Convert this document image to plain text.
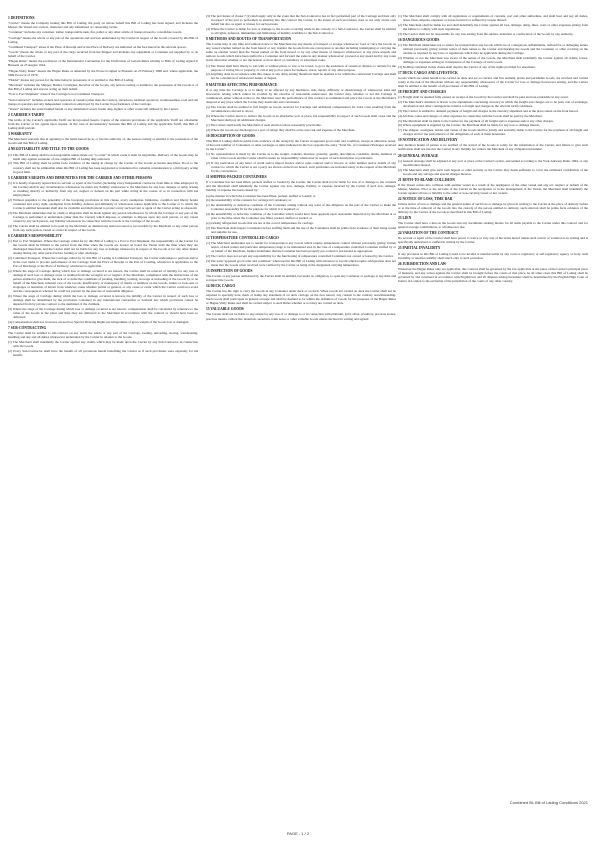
1 DEFINITIONS
"Carrier" means the Company issuing this Bill of Lading, the party on whose behalf this Bill of Lading has been signed, and includes the Master, the Vessel, her owners, charterers and any substituted or connecting carrier.
"Container" includes any container, trailer, transportable tank, flat, pallet or any other article of transport used to consolidate Goods.
"Carriage" means the whole or any part of the operations and services undertaken by the Carrier in respect of the Goods covered by this Bill of Lading.
"Combined Transport" arises if the Place of Receipt and/or the Place of Delivery are indicated on the face hereof in the relevant spaces.
"Goods" means the whole or any part of the cargo received from the Shipper and includes any equipment or Container not supplied by or on behalf of the Carrier.
"Hague Rules" means the provisions of the International Convention for the Unification of Certain Rules relating to Bills of Lading signed at Brussels on 25 August 1924.
"Hague-Visby Rules" means the Hague Rules as amended by the Protocol signed at Brussels on 23 February 1968 and, where applicable, the SDR Protocol of 1979.
"Holder" means any person for the time being in possession of or entitled to this Bill of Lading.
"Merchant" includes the Shipper, Holder, Consignee, Receiver of the Goods, any person owning or entitled to the possession of the Goods or of this Bill of Lading and anyone acting on their behalf.
"Port to Port Shipment" arises if the Carriage is not Combined Transport.
"Sub-Contractor" includes owners and operators of vessels (other than the Carrier), stevedores, terminal operators, warehousemen, road and rail transport operators and any independent contractors employed by the Carrier in performance of the Carriage.
"Vessel" includes the vessel named herein or any substituted vessel, feeder ship, lighter or other watercraft utilised by the Carrier.
2 CARRIER'S TARIFF
The terms of the Carrier's applicable Tariff are incorporated herein. Copies of the relevant provisions of the applicable Tariff are obtainable from the Carrier or his agents upon request. In the case of inconsistency between this Bill of Lading and the applicable Tariff, this Bill of Lading shall prevail.
3 WARRANTY
The Merchant warrants that in agreeing to the terms hereof he is, or has the authority of, the person owning or entitled to the possession of the Goods and this Bill of Lading.
4 NEGOTIABILITY AND TITLE TO THE GOODS
(1) This Bill of Lading shall be non-negotiable unless made out "to order" in which event it shall be negotiable. Delivery of the Goods may be made only against surrender of one original Bill of Lading duly endorsed.
(2) This Bill of Lading shall be prima facie evidence of the taking in charge by the Carrier of the Goods as herein described. Proof to the contrary shall not be admissible when this Bill of Lading has been negotiated or transferred for valuable consideration to a third party acting in good faith.
5 CARRIER'S RIGHTS AND IMMUNITIES FOR THE CARRIER AND OTHER PERSONS
(1) It is hereby expressly agreed that no servant or agent of the Carrier (including every independent contractor from time to time employed by the Carrier) shall in any circumstances whatsoever be under any liability whatsoever to the Merchant for any loss, damage or delay arising or resulting directly or indirectly from any act, neglect or default on his part while acting in the course of or in connection with his employment.
(2) Without prejudice to the generality of the foregoing provisions in this clause, every exemption, limitation, condition and liberty herein contained and every right, exemption from liability, defence and immunity of whatsoever nature applicable to the Carrier or to which the Carrier is entitled hereunder shall also be available and shall extend to protect every such servant or agent of the Carrier acting as aforesaid.
(3) The Merchant undertakes that no claim or allegation shall be made against any person whomsoever by whom the Carriage or any part of the Carriage is performed or undertaken (other than the Carrier) which imposes or attempts to impose upon any such person, or any vessel owned by any such person, any liability whatsoever in connection with the Goods or the Carriage of the Goods.
(4) The Carrier shall be entitled to be paid by the Merchant on demand any sum recovered or recoverable by the Merchant or any other person from any such person, vessel or owner in respect of the Goods.
6 CARRIER'S RESPONSIBILITY
(1) Port to Port Shipment. Where the Carriage called for by this Bill of Lading is a Port to Port Shipment, the responsibility of the Carrier for the Goods shall be limited to the period from the time when the Goods are loaded on board the Vessel until the time when they are discharged therefrom, and the Carrier shall not be liable for any loss or damage whatsoever in respect of the Goods or for any other matter arising during any other period before loading or after discharge.
(2) Combined Transport. Where the Carriage called for by this Bill of Lading is Combined Transport, the Carrier undertakes to perform and/or in his own name to procure performance of the Carriage from the Place of Receipt or the Port of Loading, whichever is applicable, to the Port of Discharge or the Place of Delivery, whichever is applicable.
(a) Where the stage of Carriage during which loss or damage occurred is not known, the Carrier shall be relieved of liability for any loss or damage if such loss or damage arose or resulted from the wrongful act or neglect of the Merchant, compliance with the instructions of the person entitled to give them, the lack of or defective conditions of packing, handling, loading, stowage or unloading of the Goods by or on behalf of the Merchant, inherent vice of the Goods, insufficiency or inadequacy of marks or numbers on the Goods, strikes or lock-outs or stoppages or restraints of labour from whatever cause whether partial or general, or any cause or event which the Carrier could not avoid and the consequences whereof he could not prevent by the exercise of reasonable diligence.
(b) Where the stage of Carriage during which the loss or damage occurred is known, the liability of the Carrier in respect of such loss or damage shall be determined by the provisions contained in any international convention or national law which provisions cannot be departed from by private contract to the detriment of the claimant.
(3) Where the stage of the Carriage during which loss or damage occurred is not known, compensation shall be calculated by reference to the value of the Goods at the place and time they are delivered to the Merchant in accordance with the contract or should have been so delivered.
(4) Compensation shall not, however, exceed two Special Drawing Rights per kilogramme of gross weight of the Goods lost or damaged.
7 SUB-CONTRACTING
The Carrier shall be entitled to sub-contract on any terms the whole or any part of the Carriage, loading, unloading, storing, warehousing, handling and any and all duties whatsoever undertaken by the Carrier in relation to the Goods.
(1) The Merchant shall indemnify the Carrier against any claims which may be made upon the Carrier by any Sub-Contractor in connection with the Goods.
(2) Every Sub-Contractor shall have the benefit of all provisions herein benefiting the Carrier as if such provisions were expressly for his benefit.
(3) The provisions of clause 7 (2) shall apply only in the event that the Sub-Contractor has in fact performed part of the Carriage and then only in respect of the part so performed; in entering into this contract the Carrier, to the extent of such provisions, does so not only on his own behalf but also as agent or trustee for such persons.
(4) Where the Carrier is liable for loss or damage to the Goods occurring while in the custody of a Sub-Contractor, the Carrier shall be entitled to all rights, defences, immunities and limitations of liability available to the Sub-Contractor.
8 METHODS AND ROUTES OF TRANSPORTATION
The Carrier may at any time and without notice to the Merchant use any means of transport or storage whatsoever; load or carry the Goods on any vessel whether named on the front hereof or not; transfer the Goods from one conveyance to another including transhipping or carrying the same on another vessel than the Vessel named on the front hereof or by any other means of transport whatsoever; at any place unpack and remove Goods which have been stuffed in a Container and forward the same in any manner whatsoever; proceed at any speed and by any route in his discretion whether or not the nearest or most direct or customary or advertised route.
(1) The Vessel shall have liberty to sail with or without pilots, to tow or be towed, to go to the assistance of vessels in distress, to deviate for the purpose of saving life or property, to call at any port or place for bunkers, stores, repairs or any other purpose.
(2) Anything done in accordance with this clause or any delay arising therefrom shall be deemed to be within the contractual Carriage and shall not be a deviation of whatsoever nature or degree.
9 MATTERS AFFECTING PERFORMANCE
If at any time the Carriage is or is likely to be affected by any hindrance, risk, delay, difficulty or disadvantage of whatsoever kind and howsoever arising which cannot be avoided by the exercise of reasonable endeavours, the Carrier may, whether or not the Carriage is commenced, either without notice to the Merchant treat the performance of this contract as terminated and place the Goods at the Merchant's disposal at any place which the Carrier may deem safe and convenient.
(a) The Carrier shall be entitled to full freight on Goods received for Carriage and additional compensation for extra costs resulting from the circumstances referred to above.
(b) Where the Carrier elects to deliver the Goods at an alternative port or place, his responsibility in respect of such Goods shall cease and the Merchant shall pay all additional charges.
(c) The Carrier shall notify the Merchant of such election where reasonably practicable.
(d) Where the Goods are discharged at a port of refuge they shall be at the sole risk and expense of the Merchant.
10 DESCRIPTION OF GOODS
This Bill of Lading shall be prima facie evidence of the receipt by the Carrier in apparent good order and condition, except as otherwise noted, of the total number of Containers or other packages or units indicated in the box opposite the entry "Total No. of Containers/Packages received by the Carrier".
(1) No representation is made by the Carrier as to the weight, contents, measure, quantity, quality, description, condition, marks, numbers or value of the Goods and the Carrier shall be under no responsibility whatsoever in respect of such description or particulars.
(2) If any particulars of any letter of credit and/or import licence and/or sales contract and/or invoice or order number and/or details of any contract to which the Carrier is not a party are shown on the front hereof, such particulars are included solely at the request of the Merchant for his convenience.
11 SHIPPER-PACKED CONTAINERS
If a Container has not been filled, packed, stuffed or loaded by the Carrier, the Carrier shall not be liable for loss of or damage to the contents and the Merchant shall indemnify the Carrier against any loss, damage, liability or expense incurred by the Carrier if such loss, damage, liability or expense has been caused by:
(a) the manner in which the Container has been filled, packed, stuffed or loaded; or
(b) the unsuitability of the contents for carriage in Containers; or
(c) the unsuitability or defective condition of the Container arising without any want of due diligence on the part of the Carrier to make the Container reasonably fit for the purpose for which it is required; or
(d) the unsuitability or defective condition of the Container which would have been apparent upon reasonable inspection by the Merchant at or prior to the time when the Container was filled, packed, stuffed or loaded; or
(e) packing refrigerated Goods that are not at the correct temperature for carriage.
(2) The Merchant shall inspect Containers before stuffing them and the use of the Containers shall be prima facie evidence of their being sound and suitable for use.
12 TEMPERATURE CONTROLLED CARGO
(1) The Merchant undertakes not to tender for transportation any Goods which require temperature control without previously giving written notice of their nature and particular temperature range to be maintained and, in the case of a temperature controlled Container stuffed by or on behalf of the Merchant, further undertakes that the Container has been properly pre-cooled or pre-heated as appropriate.
(2) The Carrier does not accept any responsibility for the functioning of temperature controlled Containers not owned or leased by the Carrier.
(3) The term "apparent good order and condition" when used in this Bill of Lading with reference to Goods which require refrigeration does not mean that the Goods when received were verified by the Carrier as being at the designated carrying temperature.
13 INSPECTION OF GOODS
The Carrier or any person authorised by the Carrier shall be entitled, but under no obligation, to open any Container or package at any time and to inspect the Goods.
14 DECK CARGO
The Carrier has the right to carry the Goods in any Container under deck or on deck. When Goods are carried on deck the Carrier shall not be required to specially note, mark or stamp any statement of on deck carriage on the face hereof, any custom to the contrary notwithstanding. Such Goods shall participate in general average and shall be deemed to be within the definition of Goods for the purposes of the Hague Rules or Hague-Visby Rules and shall be carried subject to such Rules whether or not they are carried on deck.
15 VALUABLE GOODS
The Carrier shall not be liable to any extent for any loss of or damage to or in connection with platinum, gold, silver, jewellery, precious stones, precious metals, radioactive materials, securities, bank notes or other valuable Goods unless declared in writing and agreed.
(1) The Merchant shall comply with all regulations or requirements of customs, port and other authorities, and shall bear and pay all duties, taxes, fines, imposts, expenses or losses incurred or suffered by reason thereof.
(2) The Merchant shall be liable for and shall indemnify the Carrier against all loss, damage, delay, fines, costs or other expenses arising from the failure to comply with such regulations.
(3) The Carrier shall not be responsible for any loss arising from the seizure, detention or confiscation of the Goods by any authority.
16 DANGEROUS GOODS
(1) The Merchant undertakes not to tender for transportation any Goods which are of a dangerous, inflammable, radioactive or damaging nature without previously giving written notice of their nature to the Carrier and marking the Goods and the Container or other covering on the outside as required by any laws or regulations which may be applicable during the Carriage.
(2) Whether or not the Merchant was aware of the nature of the Goods, the Merchant shall indemnify the Carrier against all claims, losses, damages or expenses arising in consequence of the Carriage of such Goods.
(3) Nothing contained in this clause shall deprive the Carrier of any of his rights provided for elsewhere.
17 DECK CARGO AND LIVESTOCK
Goods which are stated herein to be carried on deck and are so carried, and live animals, plants and perishable Goods, are received and carried solely at the risk of the Merchant without any responsibility whatsoever of the Carrier for loss or damage howsoever arising, and the Carrier shall be entitled to the benefit of all provisions of this Bill of Lading.
18 FREIGHT AND CHARGES
(1) Freight shall be deemed fully earned on receipt of the Goods by the Carrier and shall be paid and non-returnable in any event.
(2) The Merchant's attention is drawn to the stipulations concerning currency in which the freight and charges are to be paid, rate of exchange, devaluation and other contingencies relative to freight and charges in the relevant tariff conditions.
(3) The Carrier is entitled to demand payment of freight and charges in the currency stipulated and at the place stated on the front hereof.
(4) All dues, taxes and charges or other expenses in connection with the Goods shall be paid by the Merchant.
(5) The Merchant shall be liable to the Carrier for the payment of all freight and/or expenses and/or any other charges.
(6) Where equipment is supplied by the Carrier, the Merchant shall be liable for any loss or damage thereto.
(7) The shipper, consignee, holder and owner of the Goods shall be jointly and severally liable to the Carrier for the payment of all freight and charges and for the performance of the obligations of each of them hereunder.
19 NOTIFICATION AND DELIVERY
Any mention herein of parties to be notified of the arrival of the Goods is solely for the information of the Carrier, and failure to give such notification shall not involve the Carrier in any liability nor relieve the Merchant of any obligation hereunder.
20 GENERAL AVERAGE
(1) General Average shall be adjusted at any port or place at the Carrier's option, and settled according to the York-Antwerp Rules 1994, or any modification thereof.
(2) The Merchant shall give such cash deposit or other security as the Carrier may deem sufficient to cover the estimated contribution of the Goods and any salvage and special charges thereon.
21 BOTH-TO-BLAME COLLISION
If the Vessel comes into collision with another vessel as a result of the negligence of the other vessel and any act, neglect or default of the Master, Mariner, Pilot or the servants of the Carrier in the navigation or in the management of the Vessel, the Merchant shall indemnify the Carrier against all loss or liability to the other or non-carrying vessel or her owners.
22 NOTICE OF LOSS, TIME BAR
Unless notice of loss or damage and the general nature of such loss or damage be given in writing to the Carrier at the place of delivery before or at the time of removal of the Goods into the custody of the person entitled to delivery, such removal shall be prima facie evidence of the delivery by the Carrier of the Goods as described in this Bill of Lading.
23 LIEN
The Carrier shall have a lien on the Goods and any documents relating thereto for all sums payable to the Carrier under this contract and for general average contributions, to whomsoever due.
24 VARIATION OF THE CONTRACT
No servant or agent of the Carrier shall have power to waive or vary any of the terms hereof unless such waiver or variation is in writing and is specifically authorised or ratified in writing by the Carrier.
25 PARTIAL INVALIDITY
If any provision in this Bill of Lading is held to be invalid or unenforceable by any court or regulatory or self-regulatory agency or body, such invalidity or unenforceability shall attach only to such provision.
26 JURISDICTION AND LAW
Whenever the Hague Rules only are applicable, this contract shall be governed by the law applicable at the place of the Carrier's principal place of business, and any action against the Carrier shall be brought before the courts of that place. In all other cases this Bill of Lading shall be governed by and construed in accordance with English law and all disputes arising hereunder shall be determined by the English High Court of Justice in London to the exclusion of the jurisdiction of the courts of any other country.
Combined BL Bill of Lading Conditions 2021
PAGE - 1 / 2
